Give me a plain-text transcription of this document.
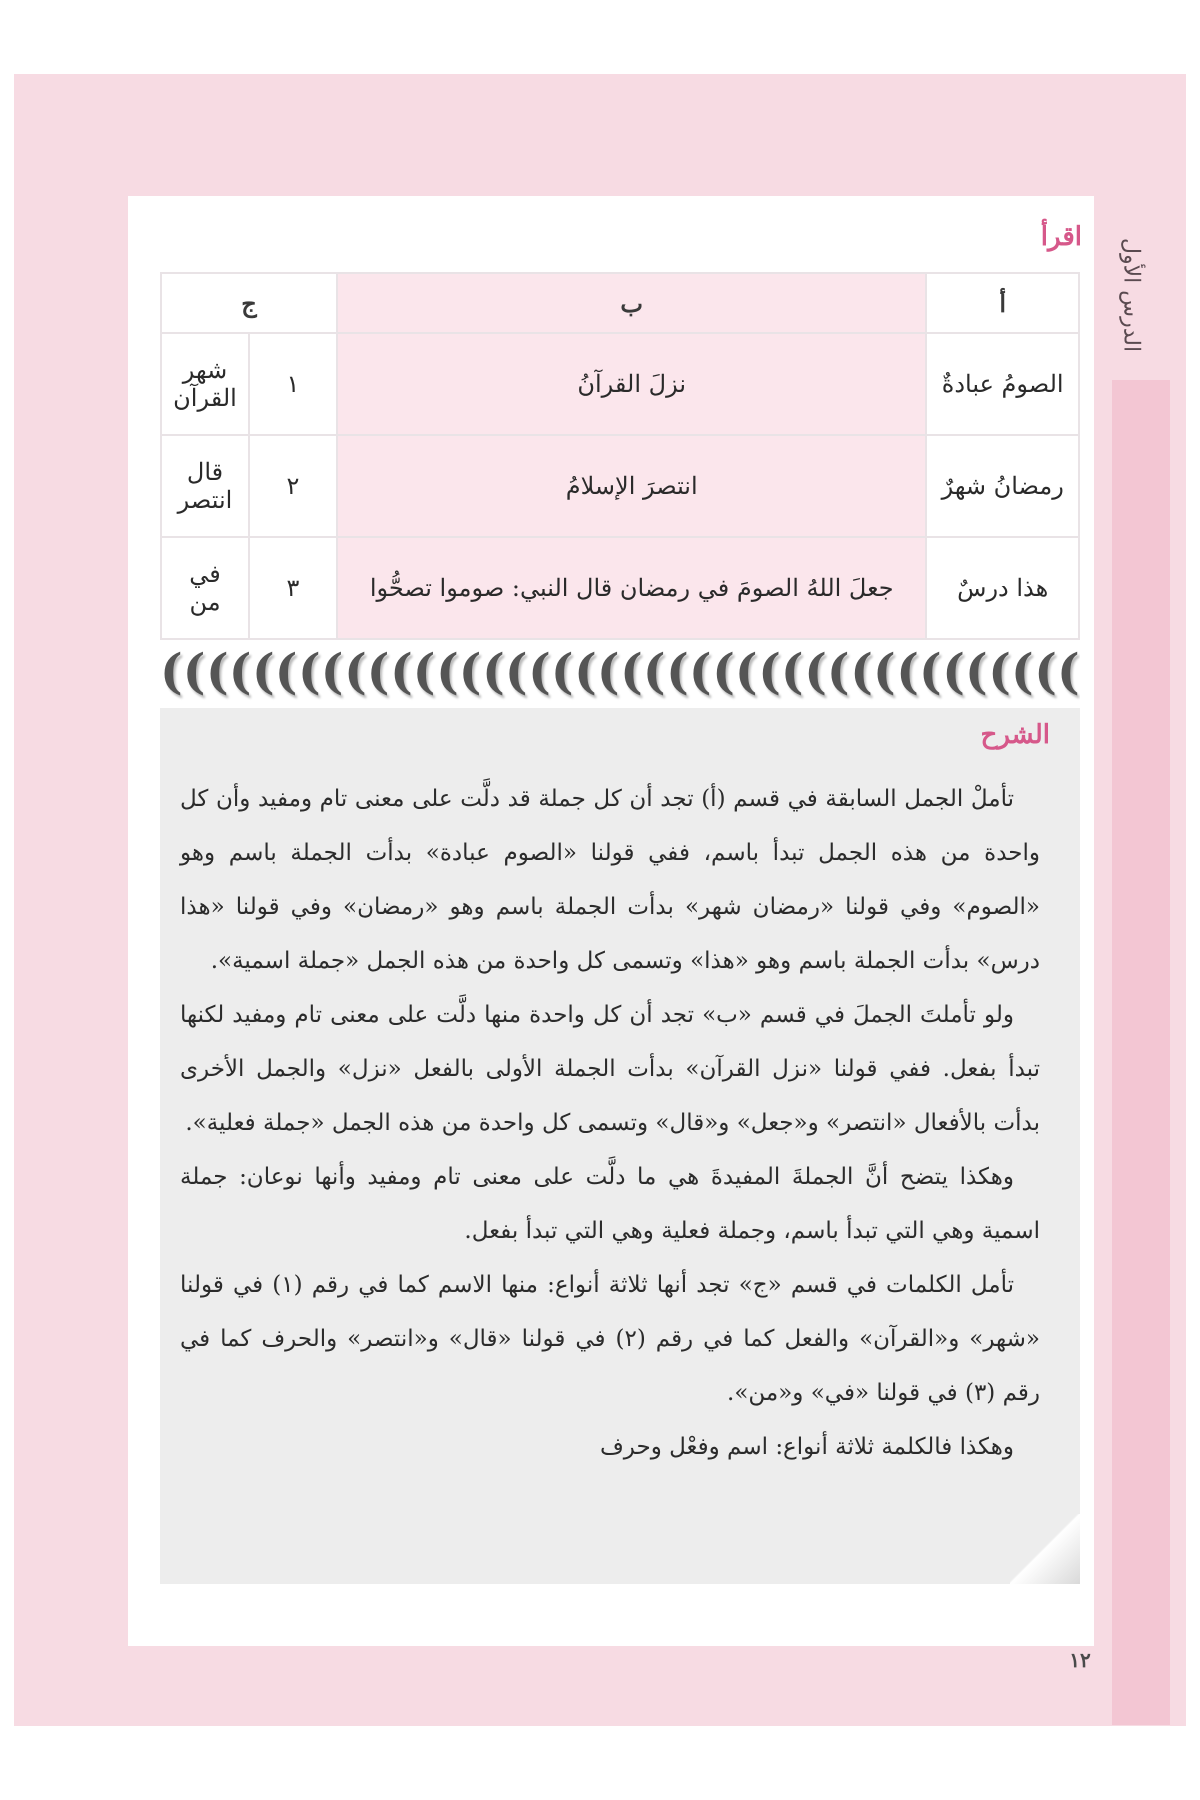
الدرس الأول
١٢
اقرأ
أ	ب	ج	
الصومُ عبادةٌ	نزلَ القرآنُ	١	شهر القرآن
رمضانُ شهرٌ	انتصرَ الإسلامُ	٢	قال انتصر
هذا درسٌ	جعلَ اللهُ الصومَ في رمضان قال النبي: صوموا تصحُّوا	٣	في من
(( (( (( (( (( (( (( (( (( (( (( (( (( (( (( (( (( (( (( ((
الشرح

تأملْ الجمل السابقة في قسم (أ) تجد أن كل جملة قد دلَّت على معنى تام ومفيد وأن كل واحدة من هذه الجمل تبدأ باسم، ففي قولنا «الصوم عبادة» بدأت الجملة باسم وهو «الصوم» وفي قولنا «رمضان شهر» بدأت الجملة باسم وهو «رمضان» وفي قولنا «هذا درس» بدأت الجملة باسم وهو «هذا» وتسمى كل واحدة من هذه الجمل «جملة اسمية».

ولو تأملتَ الجملَ في قسم «ب» تجد أن كل واحدة منها دلَّت على معنى تام ومفيد لكنها تبدأ بفعل. ففي قولنا «نزل القرآن» بدأت الجملة الأولى بالفعل «نزل» والجمل الأخرى بدأت بالأفعال «انتصر» و«جعل» و«قال» وتسمى كل واحدة من هذه الجمل «جملة فعلية».

وهكذا يتضح أنَّ الجملةَ المفيدةَ هي ما دلَّت على معنى تام ومفيد وأنها نوعان: جملة اسمية وهي التي تبدأ باسم، وجملة فعلية وهي التي تبدأ بفعل.

تأمل الكلمات في قسم «ج» تجد أنها ثلاثة أنواع: منها الاسم كما في رقم (١) في قولنا «شهر» و«القرآن» والفعل كما في رقم (٢) في قولنا «قال» و«انتصر» والحرف كما في رقم (٣) في قولنا «في» و«من».

وهكذا فالكلمة ثلاثة أنواع: اسم وفعْل وحرف
